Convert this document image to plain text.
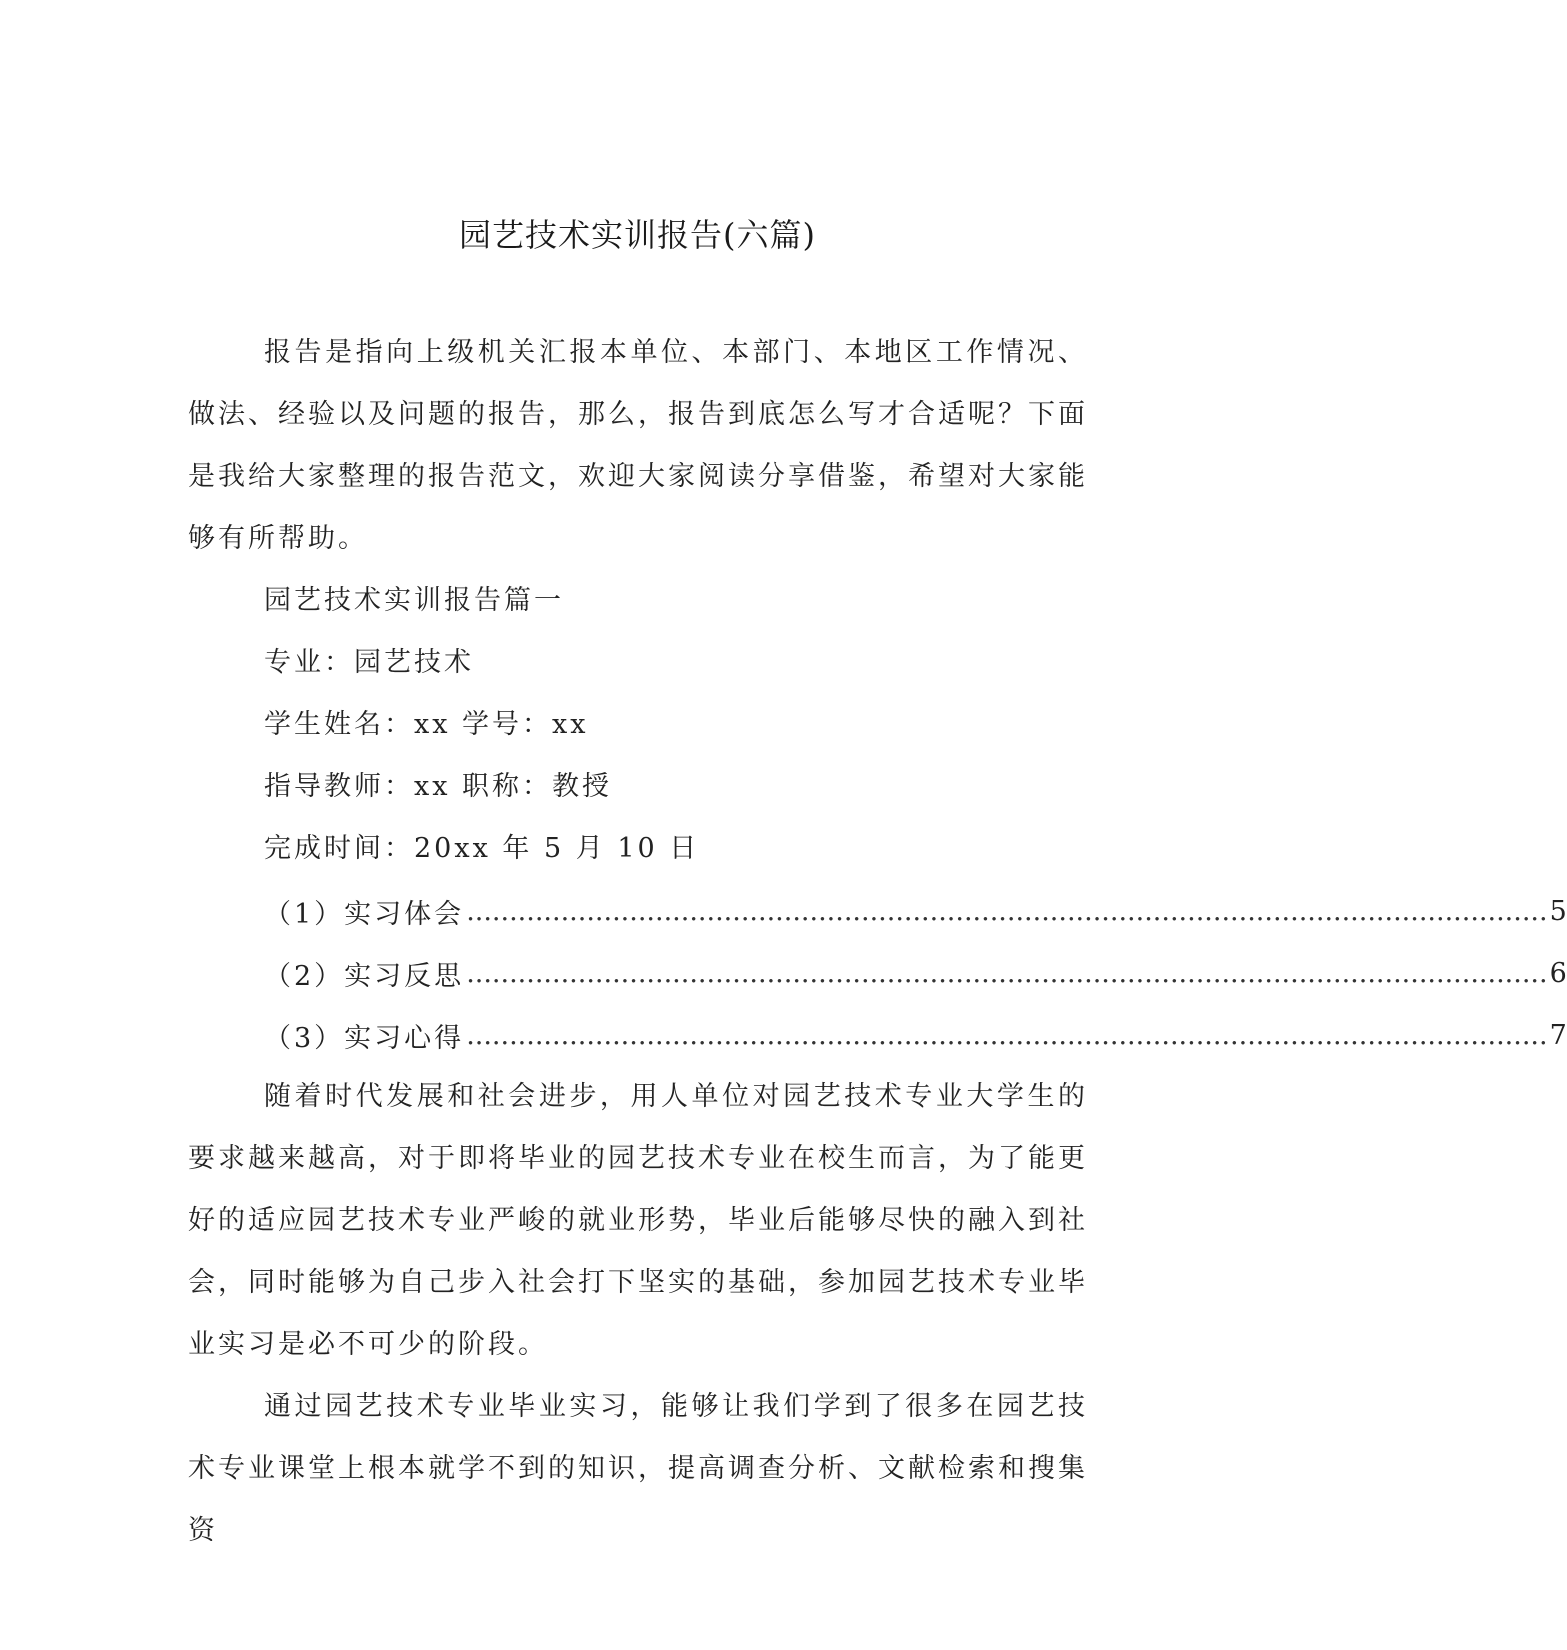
园艺技术实训报告(六篇)
报告是指向上级机关汇报本单位、本部门、本地区工作情况、做法、经验以及问题的报告，那么，报告到底怎么写才合适呢？下面是我给大家整理的报告范文，欢迎大家阅读分享借鉴，希望对大家能够有所帮助。
园艺技术实训报告篇一
专业：园艺技术
学生姓名：xx 学号：xx
指导教师：xx 职称：教授
完成时间：20xx 年 5 月 10 日
（1）实习体会 .............................................................................................................................. 5
（2）实习反思 .............................................................................................................................. 6
（3）实习心得 .............................................................................................................................. 7
随着时代发展和社会进步，用人单位对园艺技术专业大学生的要求越来越高，对于即将毕业的园艺技术专业在校生而言，为了能更好的适应园艺技术专业严峻的就业形势，毕业后能够尽快的融入到社会，同时能够为自己步入社会打下坚实的基础，参加园艺技术专业毕业实习是必不可少的阶段。
通过园艺技术专业毕业实习，能够让我们学到了很多在园艺技术专业课堂上根本就学不到的知识，提高调查分析、文献检索和搜集资
